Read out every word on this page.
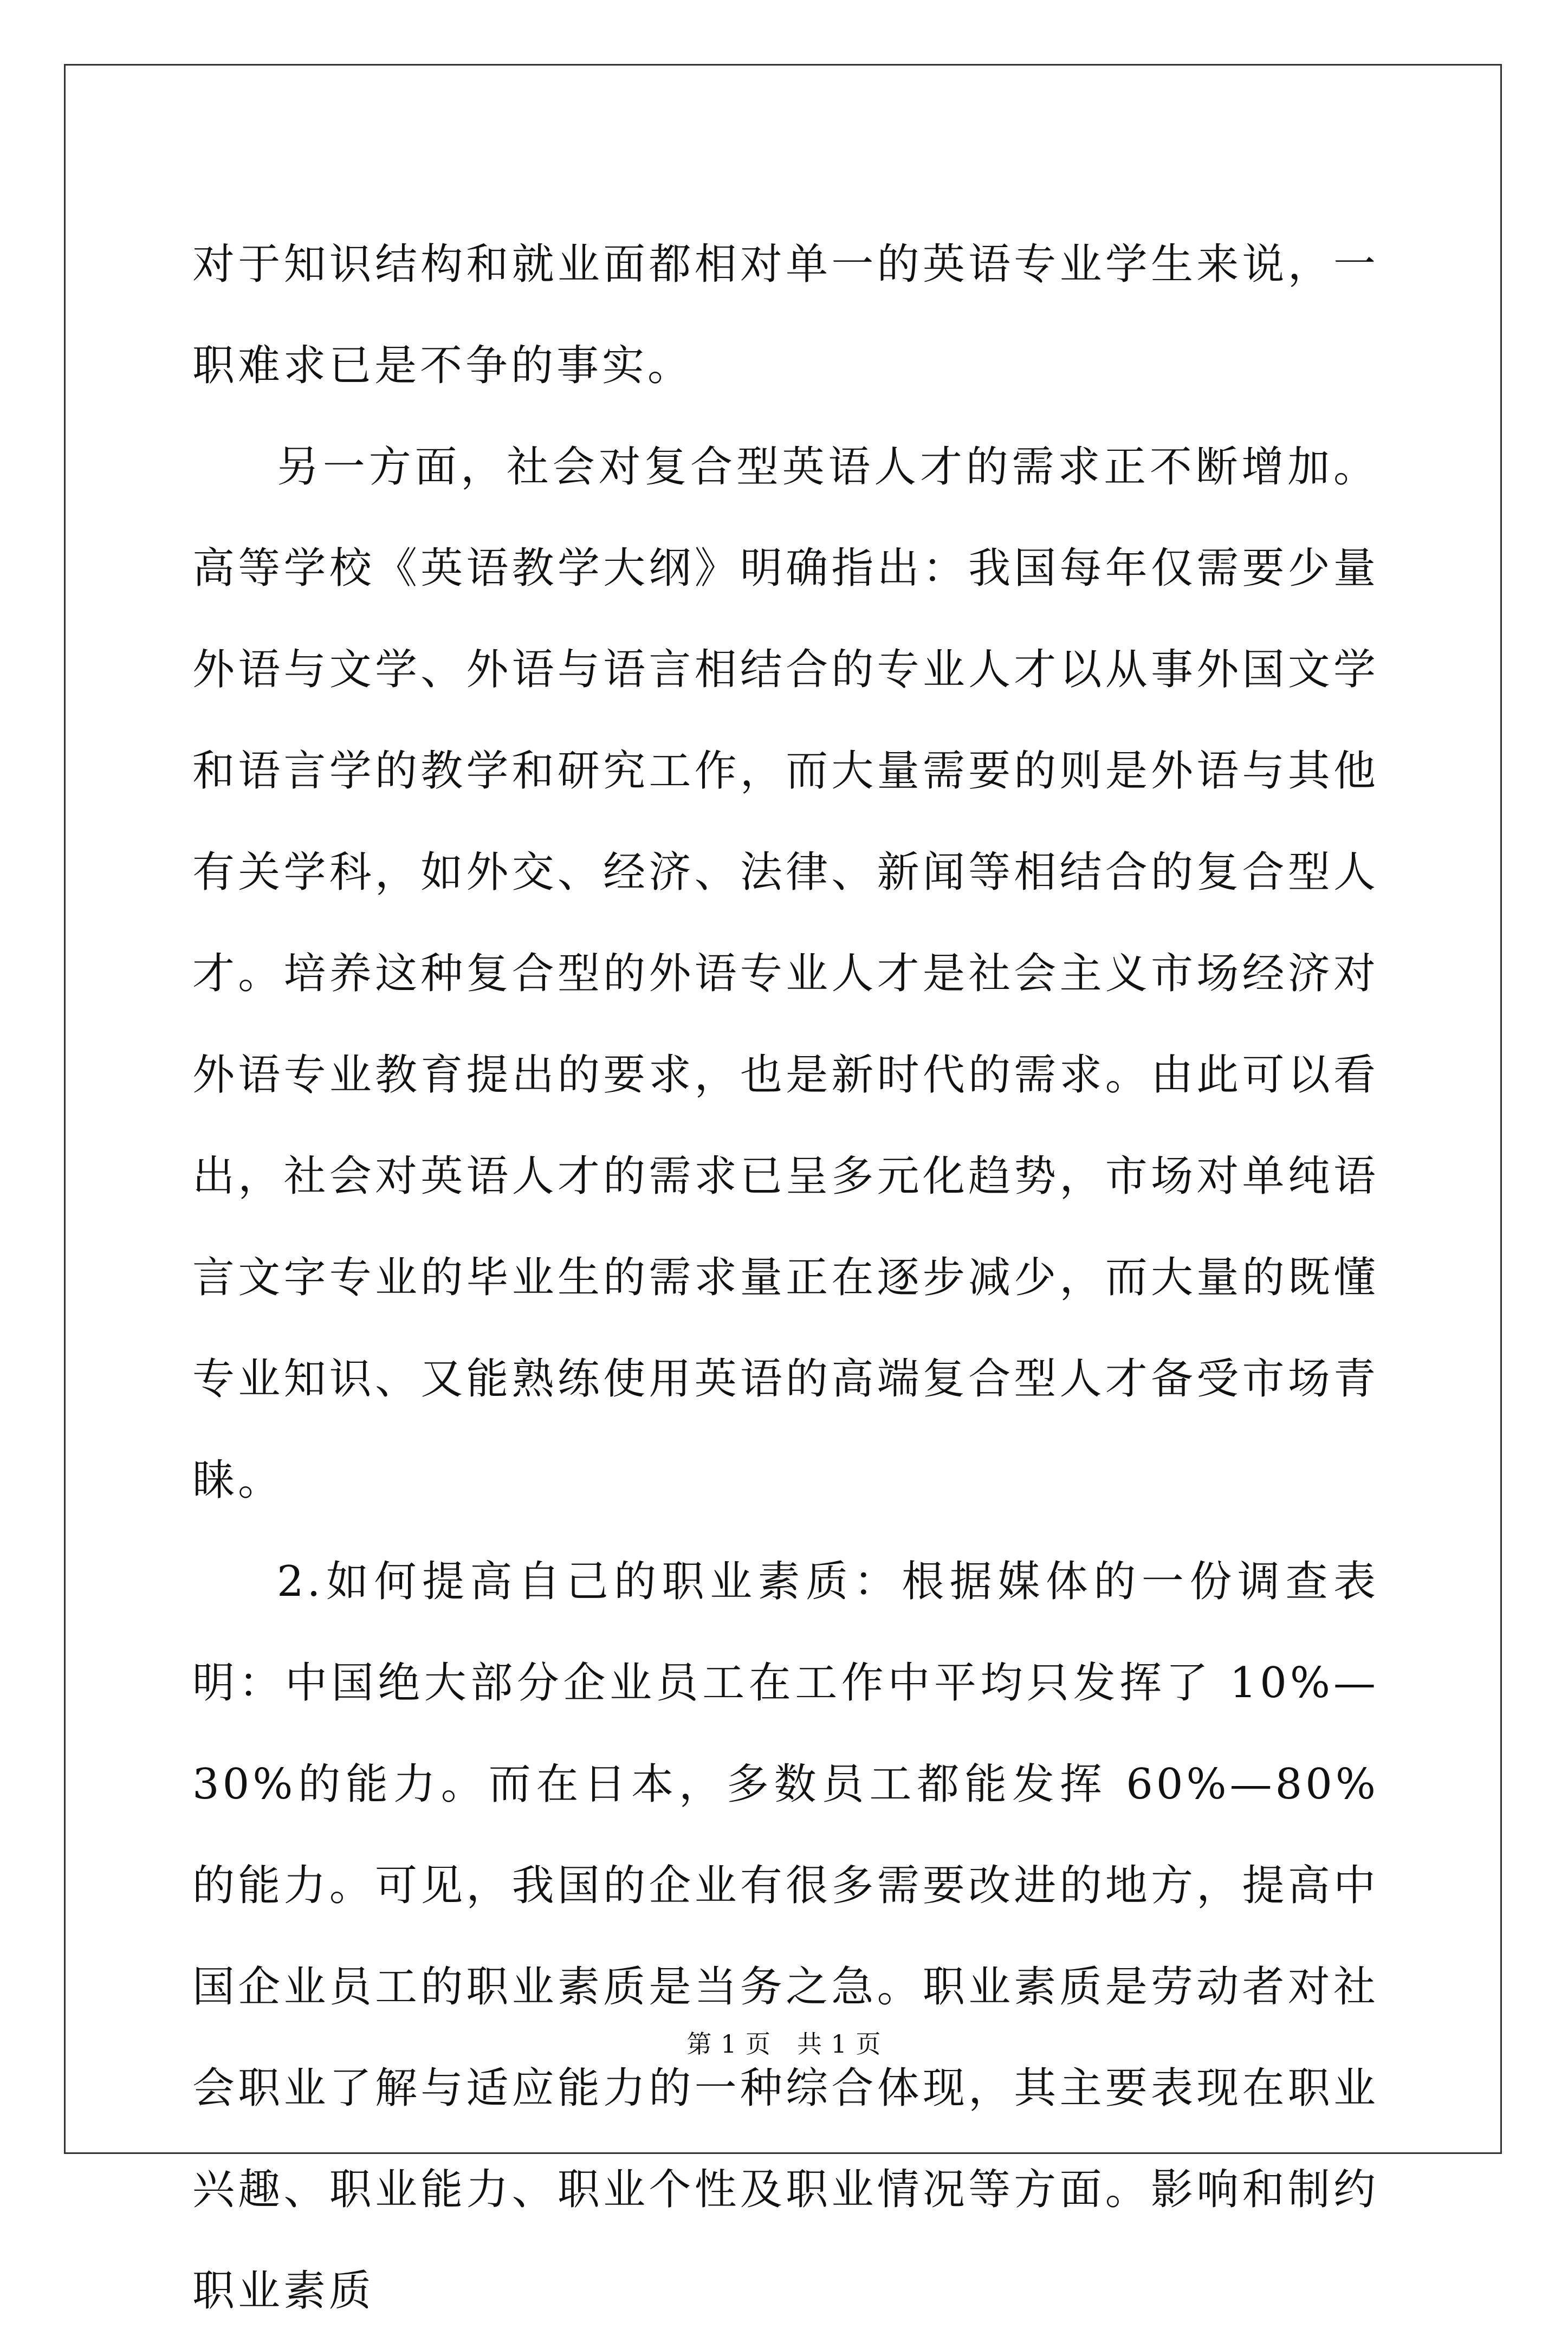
对于知识结构和就业面都相对单一的英语专业学生来说，一职难求已是不争的事实。

另一方面，社会对复合型英语人才的需求正不断增加。高等学校《英语教学大纲》明确指出：我国每年仅需要少量外语与文学、外语与语言相结合的专业人才以从事外国文学和语言学的教学和研究工作，而大量需要的则是外语与其他有关学科，如外交、经济、法律、新闻等相结合的复合型人才。培养这种复合型的外语专业人才是社会主义市场经济对外语专业教育提出的要求，也是新时代的需求。由此可以看出，社会对英语人才的需求已呈多元化趋势，市场对单纯语言文字专业的毕业生的需求量正在逐步减少，而大量的既懂专业知识、又能熟练使用英语的高端复合型人才备受市场青睐。

2.如何提高自己的职业素质：根据媒体的一份调查表明：中国绝大部分企业员工在工作中平均只发挥了 10%—30%的能力。而在日本，多数员工都能发挥 60%—80%的能力。可见，我国的企业有很多需要改进的地方，提高中国企业员工的职业素质是当务之急。职业素质是劳动者对社会职业了解与适应能力的一种综合体现，其主要表现在职业兴趣、职业能力、职业个性及职业情况等方面。影响和制约职业素质

第 1 页 共 1 页
